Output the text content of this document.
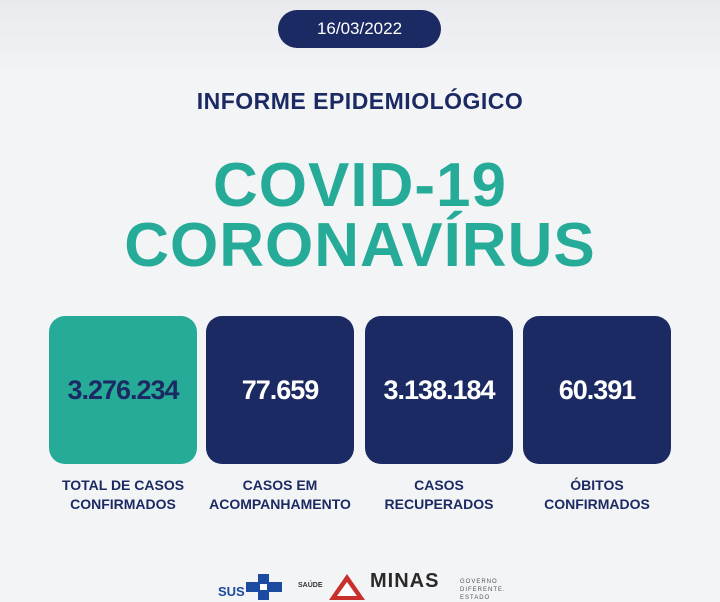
16/03/2022
INFORME EPIDEMIOLÓGICO
COVID-19
CORONAVÍRUS
3.276.234	77.659	3.138.184	60.391
TOTAL DE CASOS
CONFIRMADOS
CASOS EM
ACOMPANHAMENTO
CASOS
RECUPERADOS
ÓBITOS
CONFIRMADOS
SUS	SAÚDE MINAS	GOVERNO
DIFERENTE.
ESTADO
